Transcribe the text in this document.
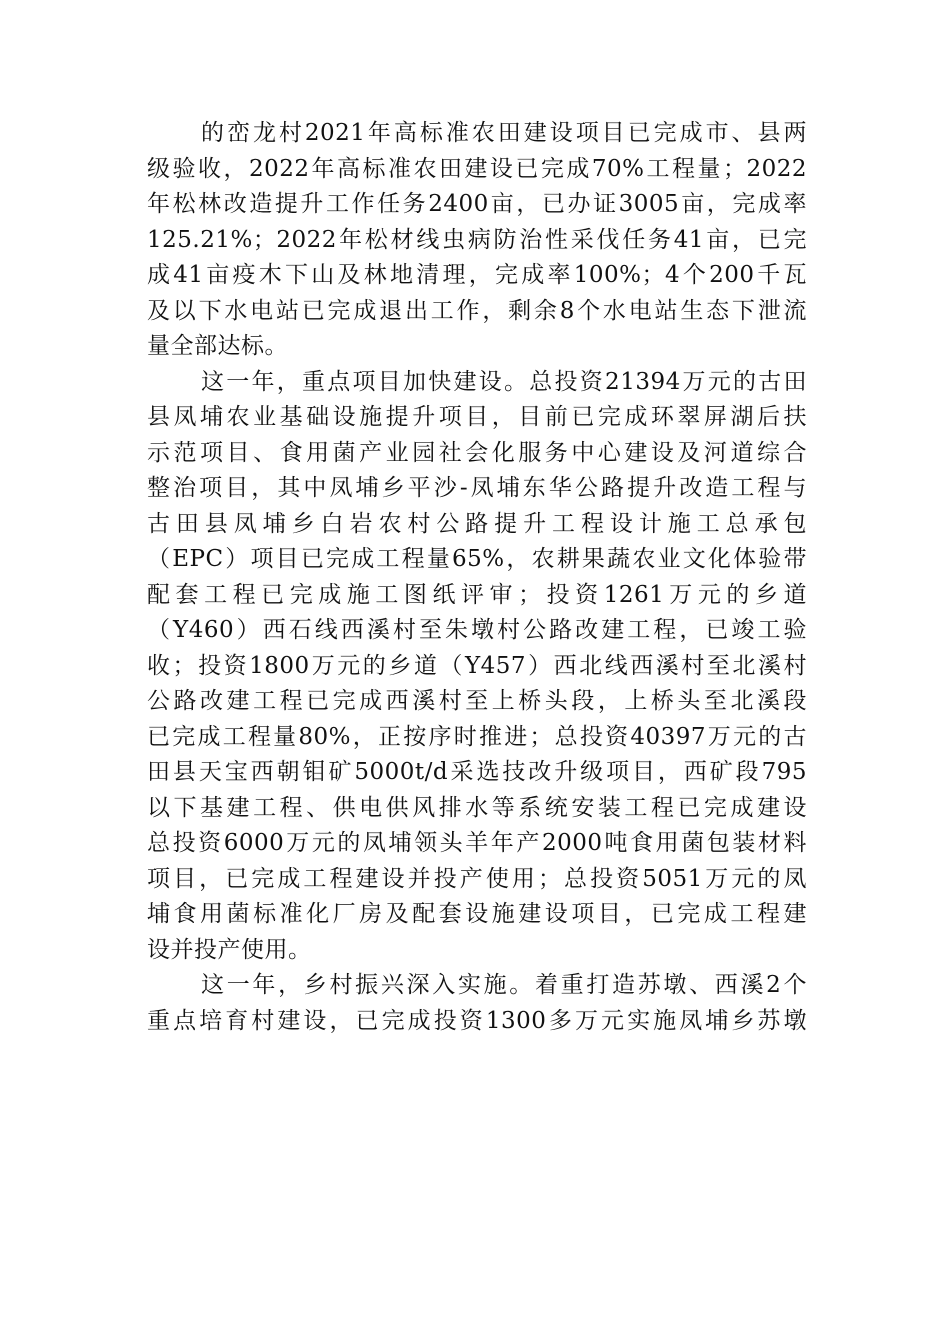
的峦龙村2021年高标准农田建设项目已完成市、县两
级验收，2022年高标准农田建设已完成70%工程量；2022
年松林改造提升工作任务2400亩，已办证3005亩，完成率
125.21%；2022年松材线虫病防治性采伐任务41亩，已完
成41亩疫木下山及林地清理，完成率100%；4个200千瓦
及以下水电站已完成退出工作，剩余8个水电站生态下泄流
量全部达标。

这一年，重点项目加快建设。总投资21394万元的古田
县凤埔农业基础设施提升项目，目前已完成环翠屏湖后扶
示范项目、食用菌产业园社会化服务中心建设及河道综合
整治项目，其中凤埔乡平沙-凤埔东华公路提升改造工程与
古田县凤埔乡白岩农村公路提升工程设计施工总承包
（EPC）项目已完成工程量65%，农耕果蔬农业文化体验带
配套工程已完成施工图纸评审；投资1261万元的乡道
（Y460）西石线西溪村至朱墩村公路改建工程，已竣工验
收；投资1800万元的乡道（Y457）西北线西溪村至北溪村
公路改建工程已完成西溪村至上桥头段，上桥头至北溪段
已完成工程量80%，正按序时推进；总投资40397万元的古
田县天宝西朝钼矿5000t/d采选技改升级项目，西矿段795
以下基建工程、供电供风排水等系统安装工程已完成建设
总投资6000万元的凤埔领头羊年产2000吨食用菌包装材料
项目，已完成工程建设并投产使用；总投资5051万元的凤
埔食用菌标准化厂房及配套设施建设项目，已完成工程建
设并投产使用。

这一年，乡村振兴深入实施。着重打造苏墩、西溪2个
重点培育村建设，已完成投资1300多万元实施凤埔乡苏墩
